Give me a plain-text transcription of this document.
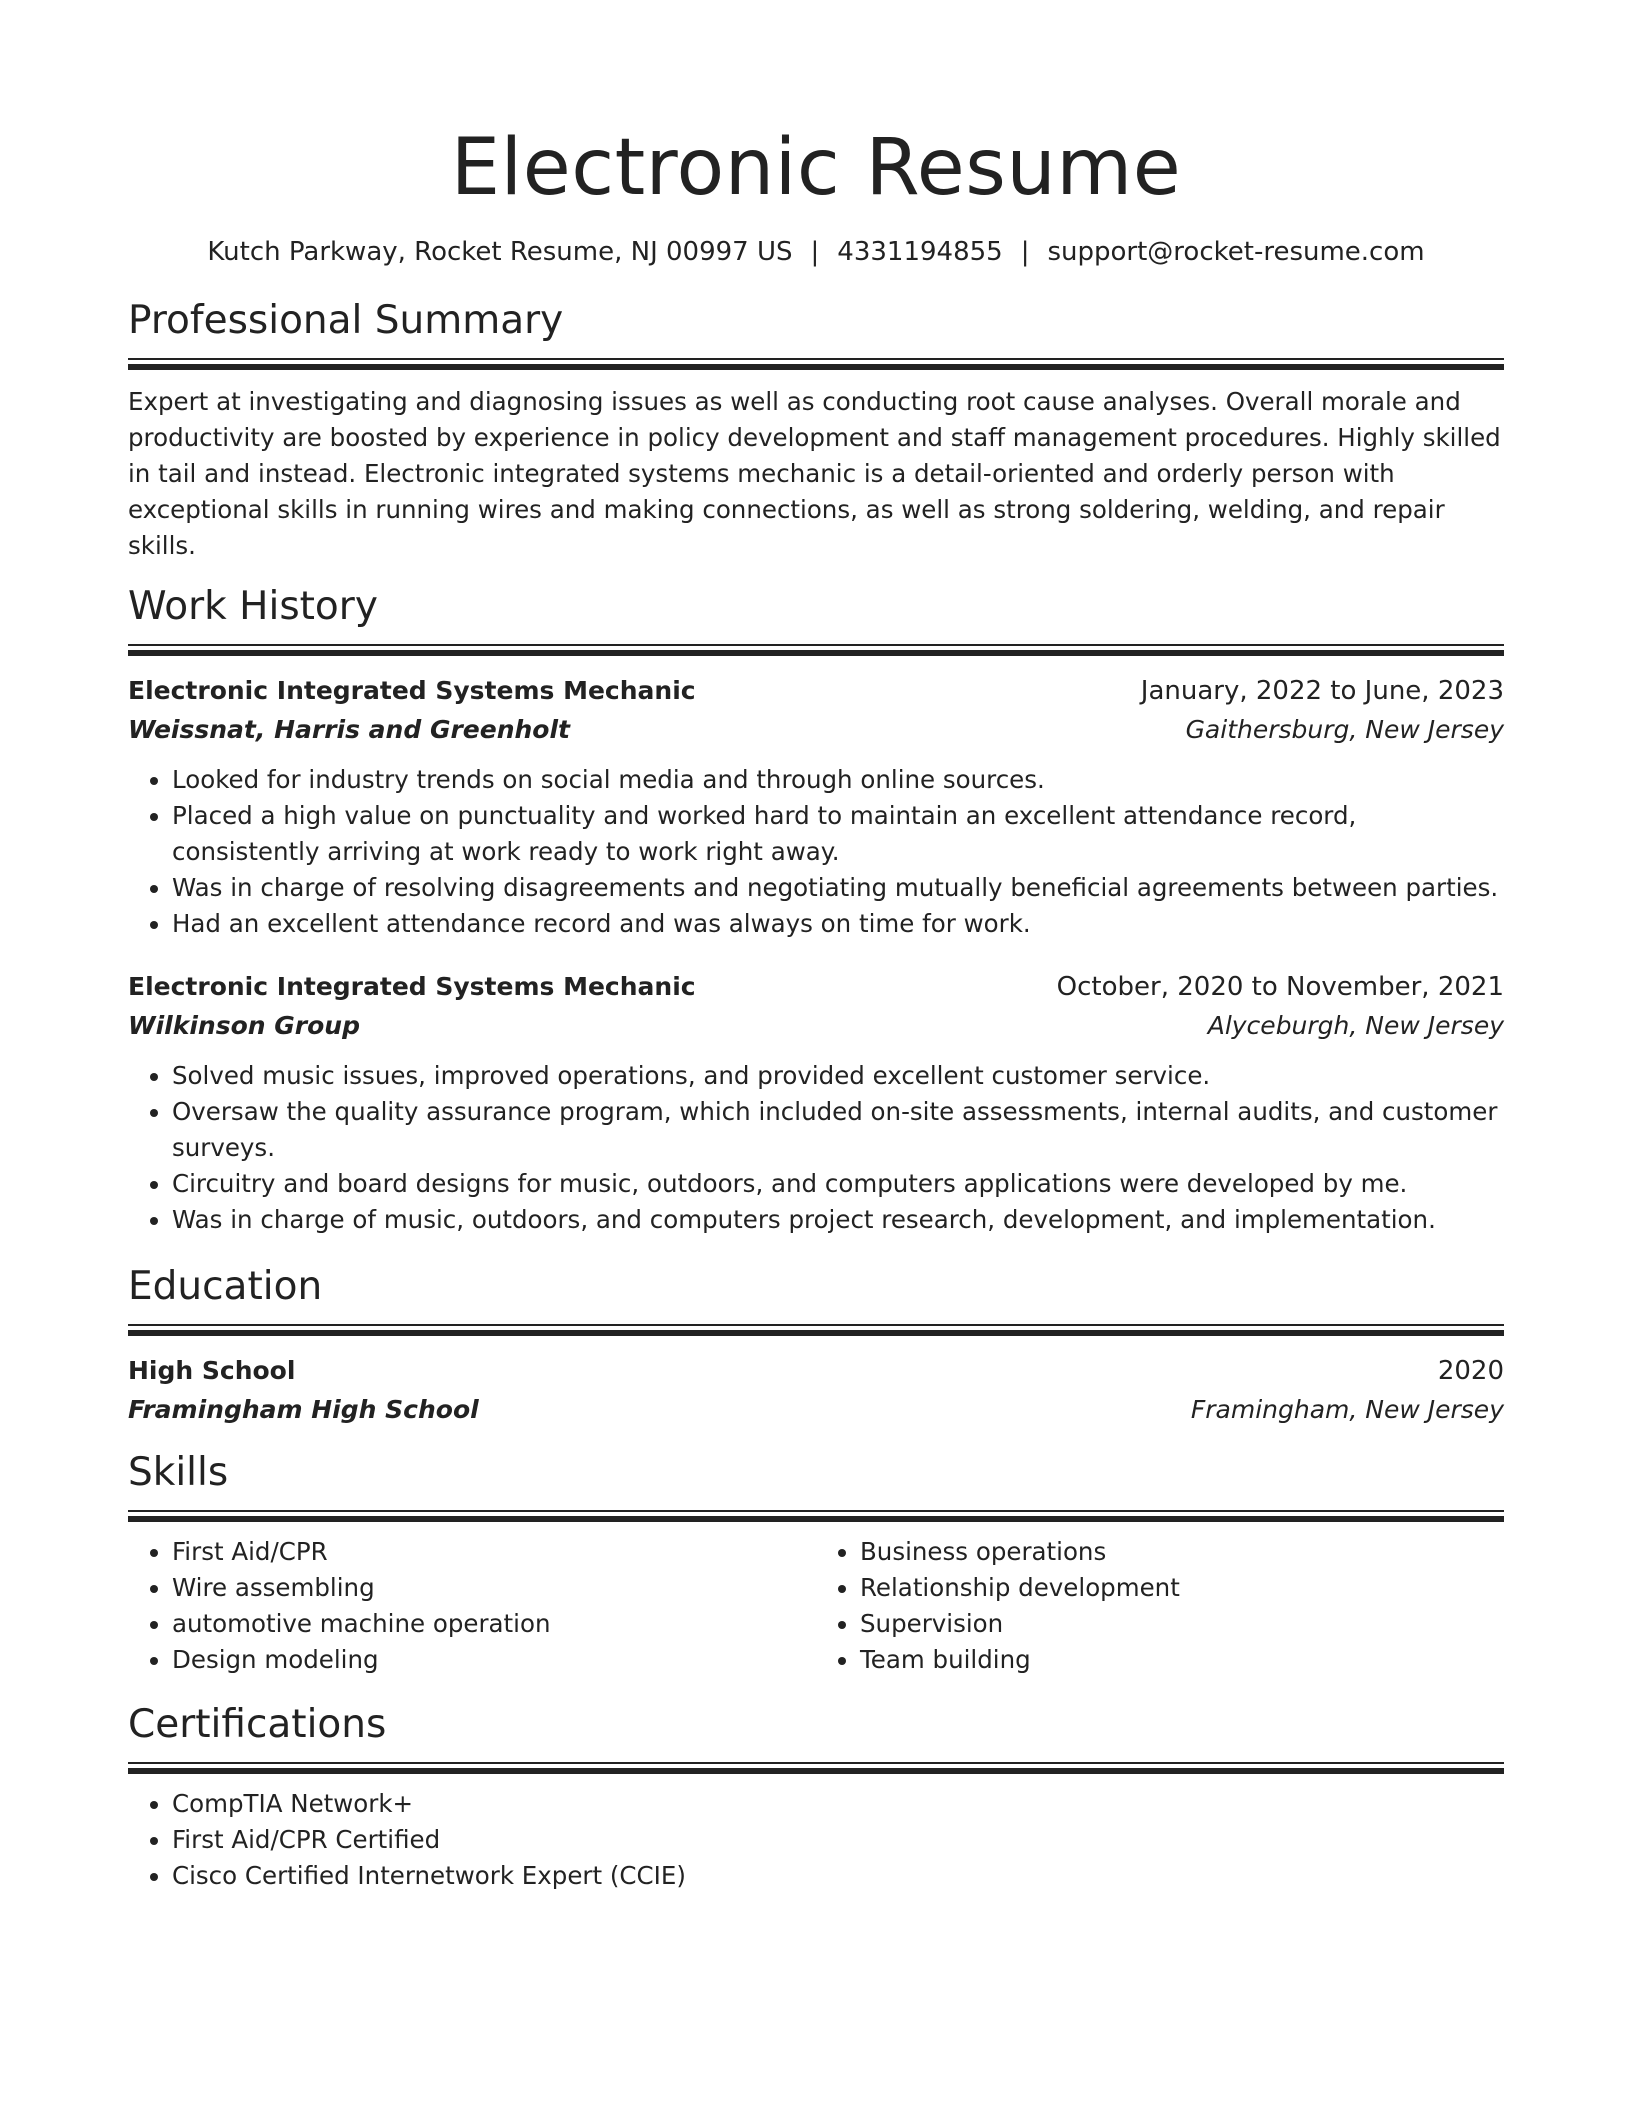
Electronic Resume
Kutch Parkway, Rocket Resume, NJ 00997 US | 4331194855 | support@rocket-resume.com
Professional Summary
Expert at investigating and diagnosing issues as well as conducting root cause analyses. Overall morale and productivity are boosted by experience in policy development and staff management procedures. Highly skilled in tail and instead. Electronic integrated systems mechanic is a detail-oriented and orderly person with exceptional skills in running wires and making connections, as well as strong soldering, welding, and repair skills.
Work History
Electronic Integrated Systems Mechanic	January, 2022 to June, 2023
Weissnat, Harris and Greenholt	Gaithersburg, New Jersey
• Looked for industry trends on social media and through online sources.
• Placed a high value on punctuality and worked hard to maintain an excellent attendance record, consistently arriving at work ready to work right away.
• Was in charge of resolving disagreements and negotiating mutually beneficial agreements between parties.
• Had an excellent attendance record and was always on time for work.
Electronic Integrated Systems Mechanic	October, 2020 to November, 2021
Wilkinson Group	Alyceburgh, New Jersey
• Solved music issues, improved operations, and provided excellent customer service.
• Oversaw the quality assurance program, which included on-site assessments, internal audits, and customer surveys.
• Circuitry and board designs for music, outdoors, and computers applications were developed by me.
• Was in charge of music, outdoors, and computers project research, development, and implementation.
Education
High School	2020
Framingham High School	Framingham, New Jersey
Skills
• First Aid/CPR
• Wire assembling
• automotive machine operation
• Design modeling
• Business operations
• Relationship development
• Supervision
• Team building
Certifications
• CompTIA Network+
• First Aid/CPR Certified
• Cisco Certified Internetwork Expert (CCIE)
